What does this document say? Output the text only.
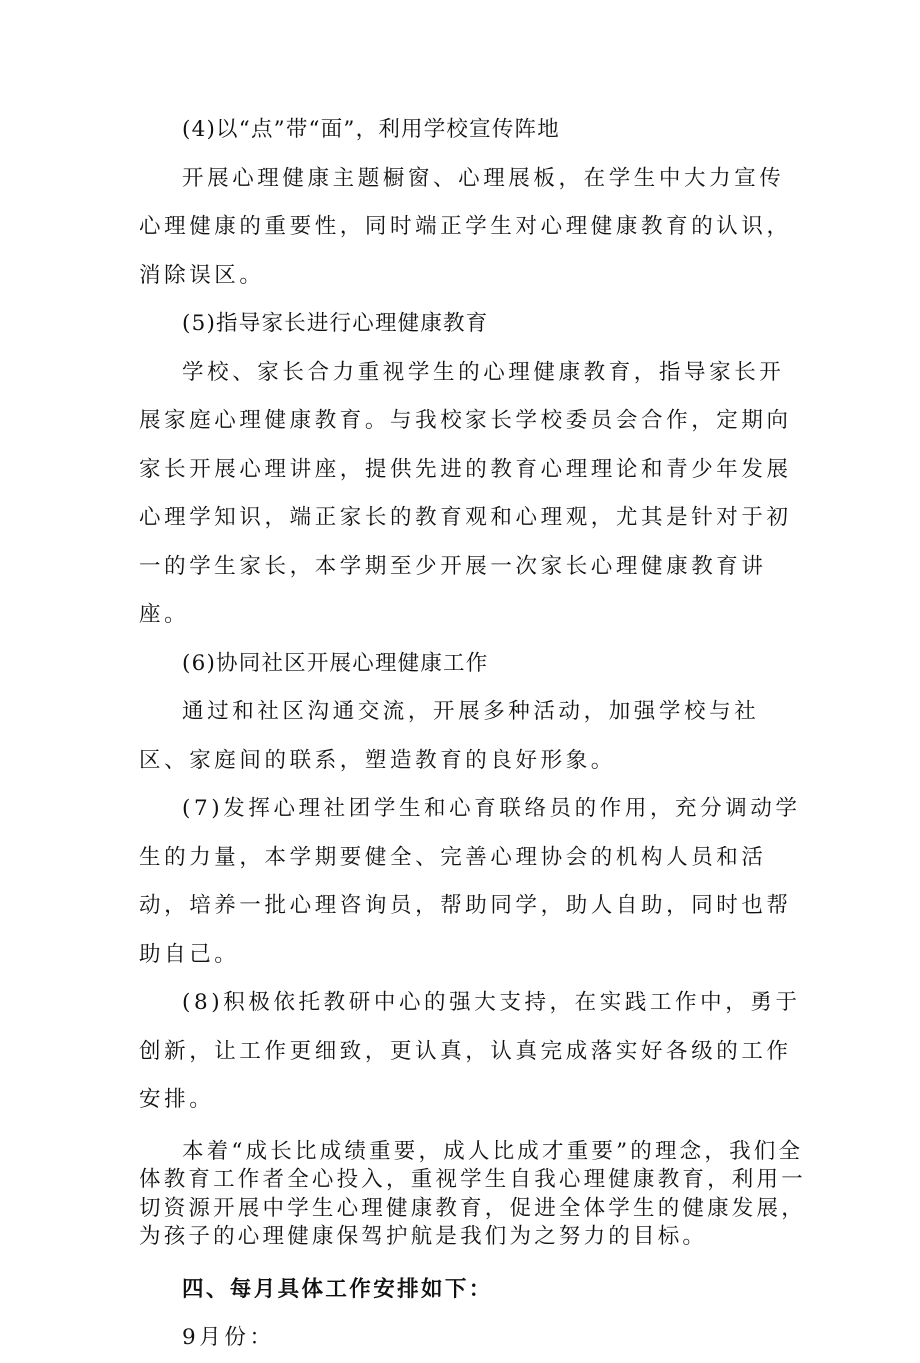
(4)以“点”带“面”，利用学校宣传阵地

开展心理健康主题橱窗、心理展板，在学生中大力宣传心理健康的重要性，同时端正学生对心理健康教育的认识，消除误区。

(5)指导家长进行心理健康教育

学校、家长合力重视学生的心理健康教育，指导家长开展家庭心理健康教育。与我校家长学校委员会合作，定期向家长开展心理讲座，提供先进的教育心理理论和青少年发展心理学知识，端正家长的教育观和心理观，尤其是针对于初一的学生家长，本学期至少开展一次家长心理健康教育讲座。

(6)协同社区开展心理健康工作

通过和社区沟通交流，开展多种活动，加强学校与社区、家庭间的联系，塑造教育的良好形象。

(7)发挥心理社团学生和心育联络员的作用，充分调动学生的力量，本学期要健全、完善心理协会的机构人员和活动，培养一批心理咨询员，帮助同学，助人自助，同时也帮助自己。

(8)积极依托教研中心的强大支持，在实践工作中，勇于创新，让工作更细致，更认真，认真完成落实好各级的工作安排。

本着“成长比成绩重要，成人比成才重要”的理念，我们全体教育工作者全心投入，重视学生自我心理健康教育，利用一切资源开展中学生心理健康教育，促进全体学生的健康发展，为孩子的心理健康保驾护航是我们为之努力的目标。

四、每月具体工作安排如下：

9月份：
